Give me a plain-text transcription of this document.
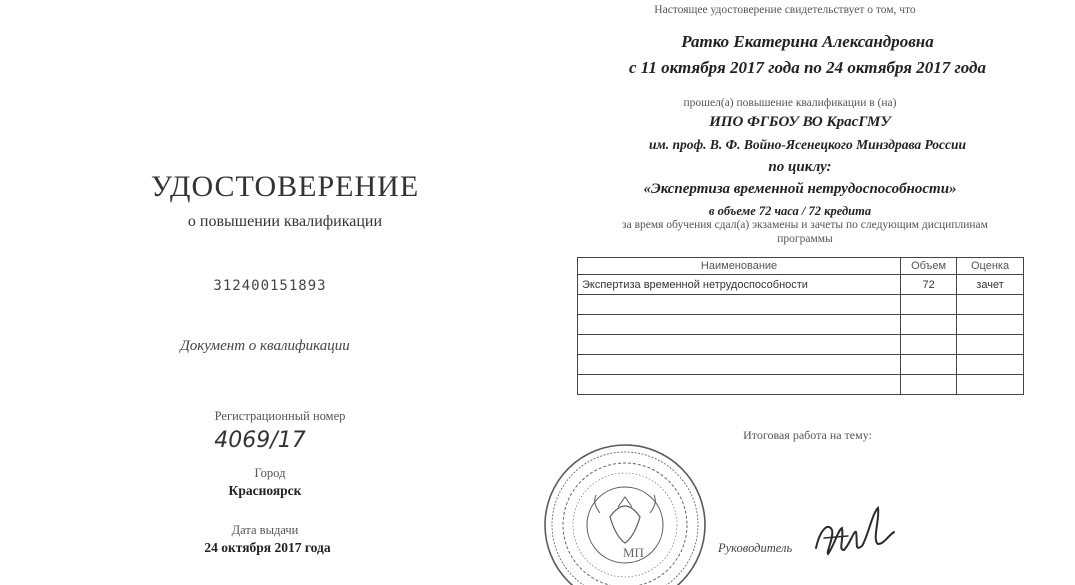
УДОСТОВЕРЕНИЕ
о повышении квалификации
312400151893
Документ о квалификации
Регистрационный номер
4069/17
Город
Красноярск
Дата выдачи
24 октября 2017 года
Настоящее удостоверение свидетельствует о том, что
Ратко Екатерина Александровна
с 11 октября 2017 года по 24 октября 2017 года
прошел(а) повышение квалификации в (на)
ИПО ФГБОУ ВО КрасГМУ
им. проф. В. Ф. Войно-Ясенецкого Минздрава России
по циклу:
«Экспертиза временной нетрудоспособности»
в объеме 72 часа / 72 кредита
за время обучения сдал(а) экзамены и зачеты по следующим дисциплинам
программы
Наименование	Объем	Оценка
Экспертиза временной нетрудоспособности	72	зачет

Итоговая работа на тему:
МП	Руководитель
